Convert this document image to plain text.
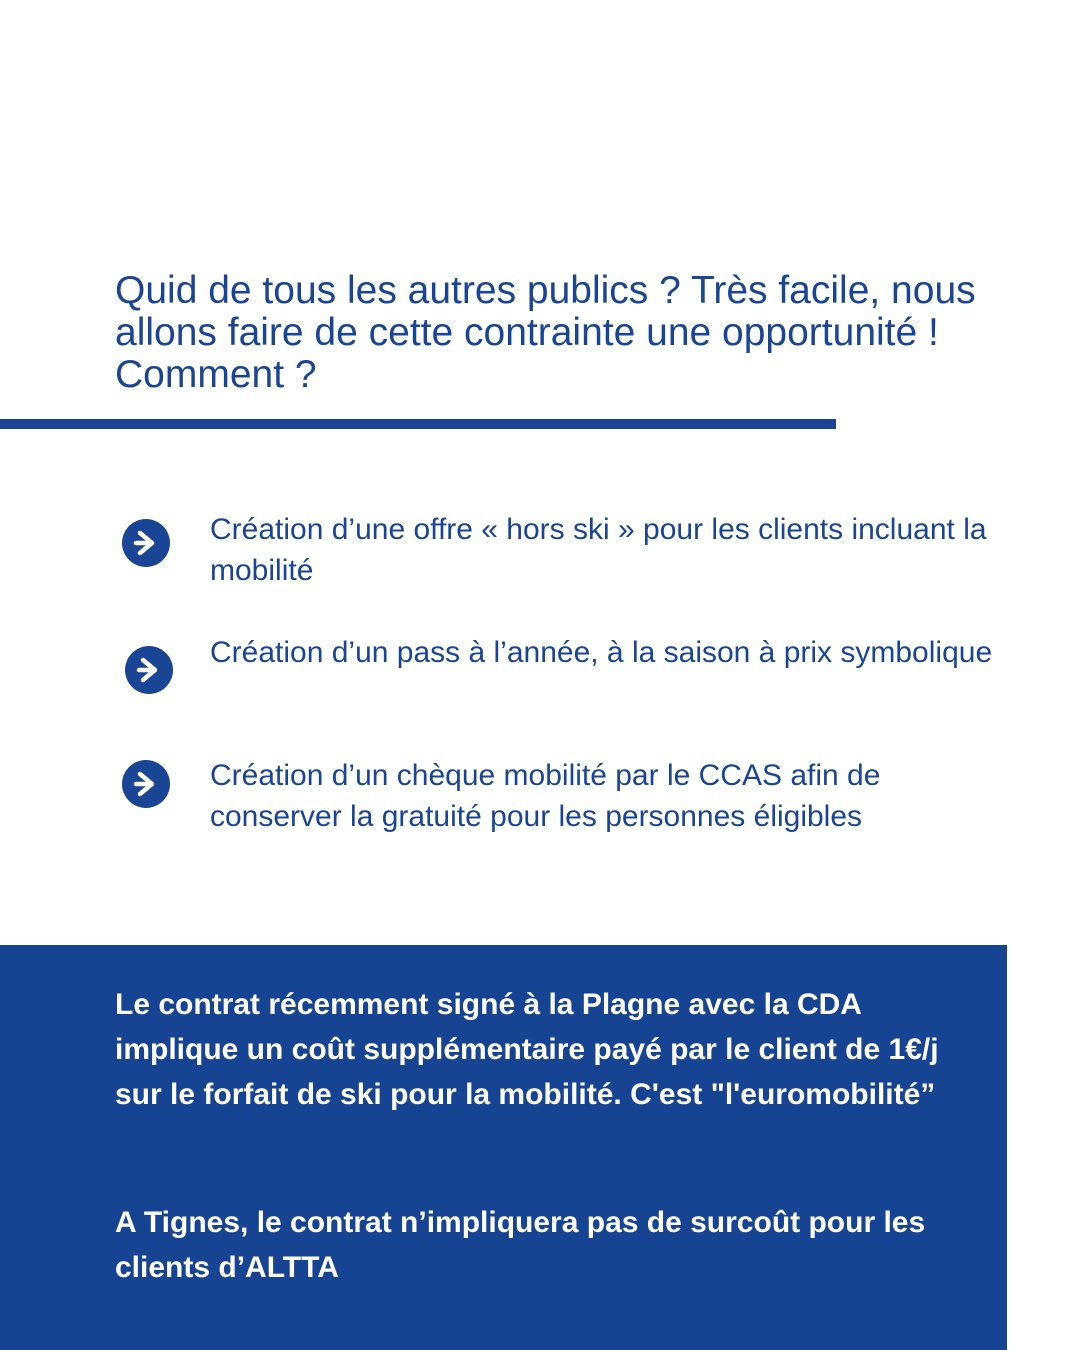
Quid de tous les autres publics ? Très facile, nous allons faire de cette contrainte une opportunité ! Comment ?
Création d’une offre « hors ski » pour les clients incluant la mobilité
Création d’un pass à l’année, à la saison à prix symbolique
Création d’un chèque mobilité par le CCAS afin de conserver la gratuité pour les personnes éligibles

Le contrat récemment signé à la Plagne avec la CDA implique un coût supplémentaire payé par le client de 1€/j sur le forfait de ski pour la mobilité. C'est "l'euromobilité”

A Tignes, le contrat n’impliquera pas de surcoût pour les clients d’ALTTA
